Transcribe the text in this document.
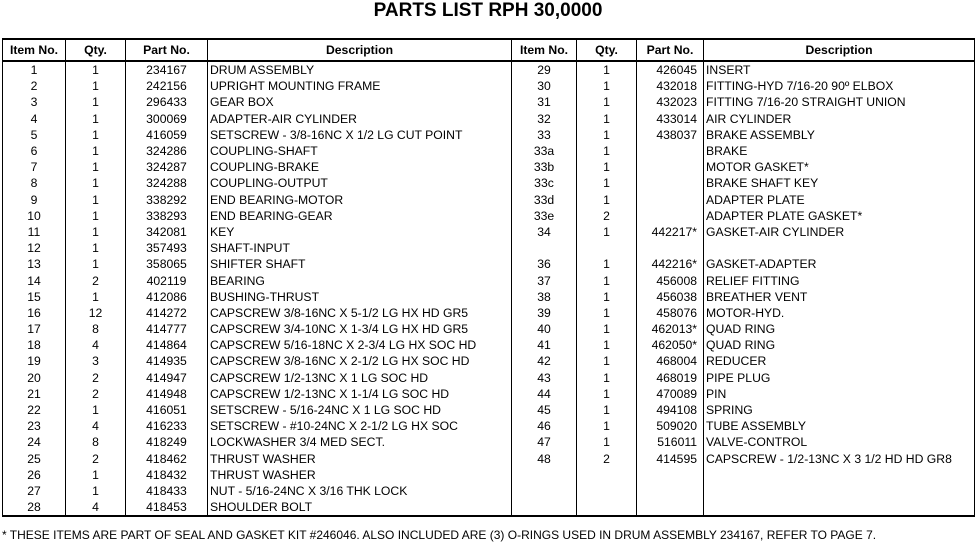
PARTS LIST RPH 30,0000
Item No.	Qty.	Part No.	Description	Item No.	Qty.	Part No.	Description
1	1	234167	DRUM ASSEMBLY	29	1	426045	INSERT
2	1	242156	UPRIGHT MOUNTING FRAME	30	1	432018	FITTING-HYD 7/16-20 90º ELBOX
3	1	296433	GEAR BOX	31	1	432023	FITTING 7/16-20 STRAIGHT UNION
4	1	300069	ADAPTER-AIR CYLINDER	32	1	433014	AIR CYLINDER
5	1	416059	SETSCREW - 3/8-16NC X 1/2 LG CUT POINT	33	1	438037	BRAKE ASSEMBLY
6	1	324286	COUPLING-SHAFT	33a	1		BRAKE
7	1	324287	COUPLING-BRAKE	33b	1		MOTOR GASKET*
8	1	324288	COUPLING-OUTPUT	33c	1		BRAKE SHAFT KEY
9	1	338292	END BEARING-MOTOR	33d	1		ADAPTER PLATE
10	1	338293	END BEARING-GEAR	33e	2		ADAPTER PLATE GASKET*
11	1	342081	KEY	34	1	442217*	GASKET-AIR CYLINDER
12	1	357493	SHAFT-INPUT				
13	1	358065	SHIFTER SHAFT	36	1	442216*	GASKET-ADAPTER
14	2	402119	BEARING	37	1	456008	RELIEF FITTING
15	1	412086	BUSHING-THRUST	38	1	456038	BREATHER VENT
16	12	414272	CAPSCREW 3/8-16NC X 5-1/2 LG HX HD GR5	39	1	458076	MOTOR-HYD.
17	8	414777	CAPSCREW 3/4-10NC X 1-3/4 LG HX HD GR5	40	1	462013*	QUAD RING
18	4	414864	CAPSCREW 5/16-18NC X 2-3/4 LG HX SOC HD	41	1	462050*	QUAD RING
19	3	414935	CAPSCREW 3/8-16NC X 2-1/2 LG HX SOC HD	42	1	468004	REDUCER
20	2	414947	CAPSCREW 1/2-13NC X 1 LG SOC HD	43	1	468019	PIPE PLUG
21	2	414948	CAPSCREW 1/2-13NC X 1-1/4 LG SOC HD	44	1	470089	PIN
22	1	416051	SETSCREW - 5/16-24NC X 1 LG SOC HD	45	1	494108	SPRING
23	4	416233	SETSCREW - #10-24NC X 2-1/2 LG HX SOC	46	1	509020	TUBE ASSEMBLY
24	8	418249	LOCKWASHER 3/4 MED SECT.	47	1	516011	VALVE-CONTROL
25	2	418462	THRUST WASHER	48	2	414595	CAPSCREW - 1/2-13NC X 3 1/2 HD HD GR8
26	1	418432	THRUST WASHER				
27	1	418433	NUT - 5/16-24NC X 3/16 THK LOCK				
28	4	418453	SHOULDER BOLT				
* THESE ITEMS ARE PART OF SEAL AND GASKET KIT #246046. ALSO INCLUDED ARE (3) O-RINGS USED IN DRUM ASSEMBLY 234167, REFER TO PAGE 7.
